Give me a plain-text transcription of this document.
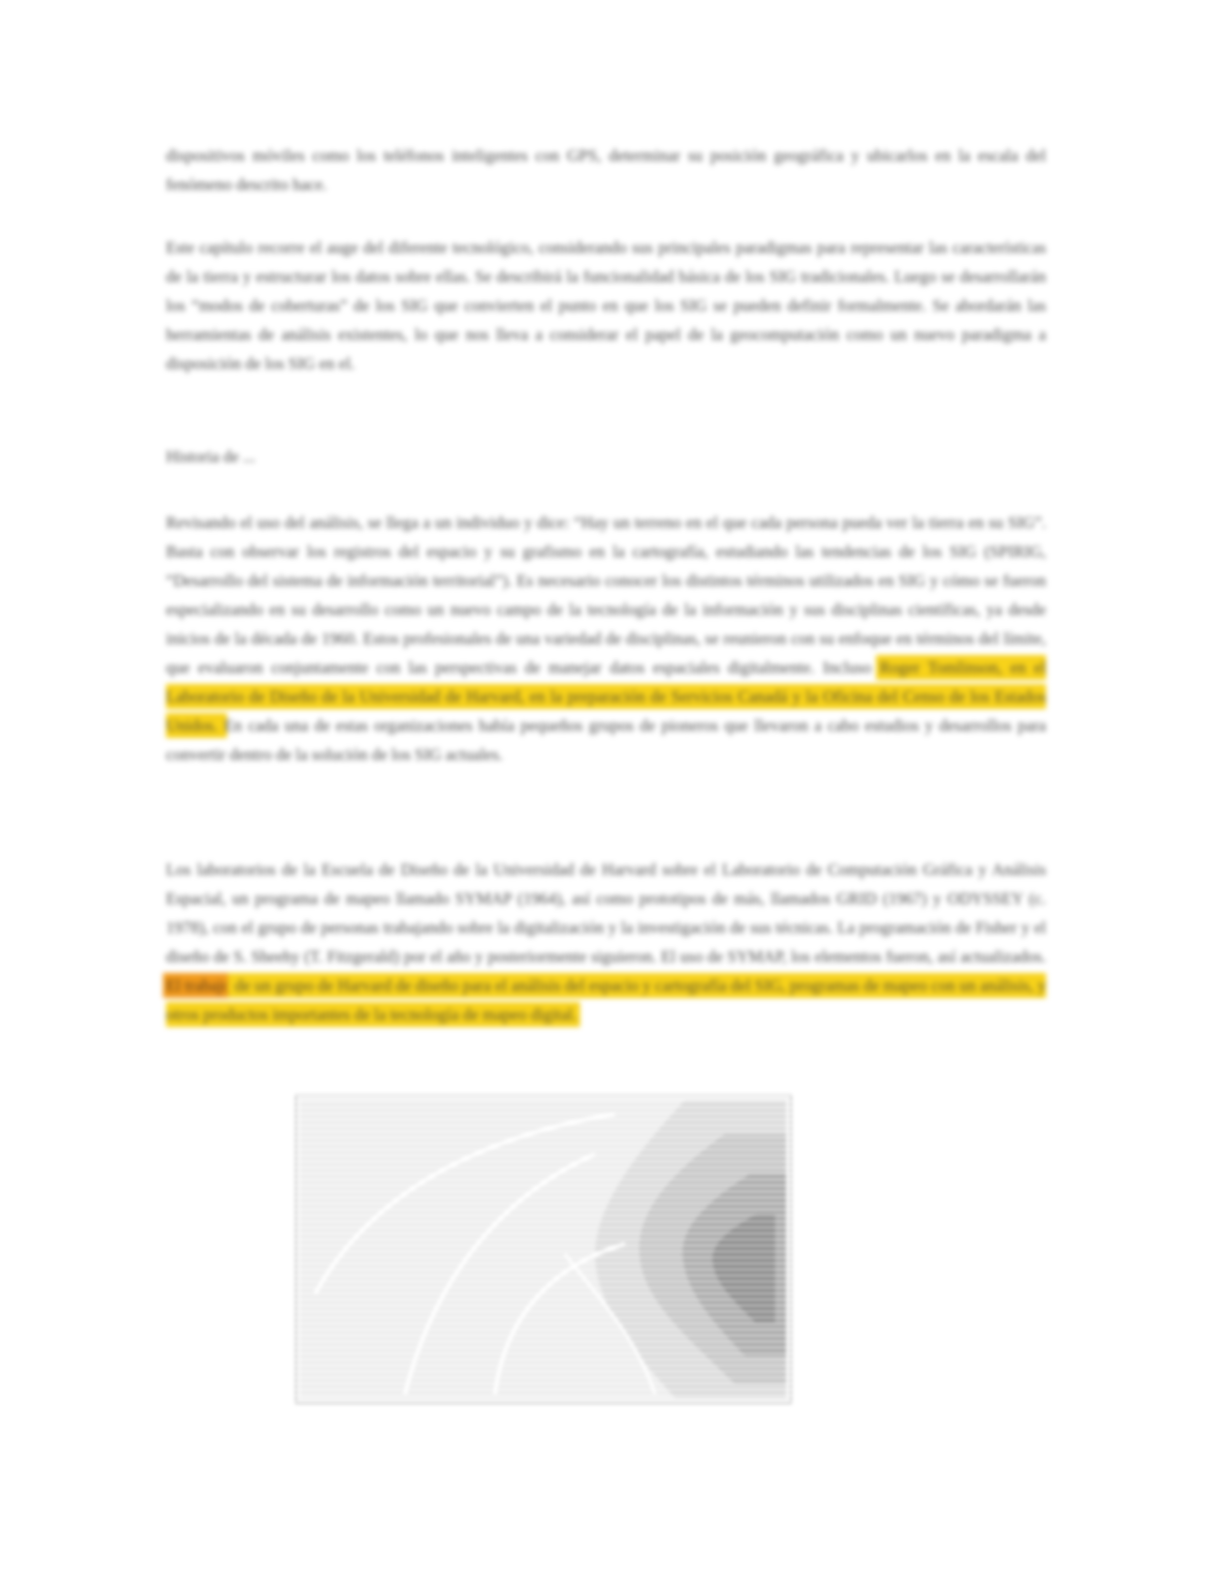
dispositivos móviles como los teléfonos inteligentes con GPS, determinar su posición geográfica y ubicarlos en la escala del fenómeno descrito hace.

Este capítulo recorre el auge del diferente tecnológico, considerando sus principales paradigmas para representar las características de la tierra y estructurar los datos sobre ellas. Se describirá la funcionalidad básica de los SIG tradicionales. Luego se desarrollarán los “modos de coberturas” de los SIG que convierten el punto en que los SIG se pueden definir formalmente. Se abordarán las herramientas de análisis existentes, lo que nos lleva a considerar el papel de la geocomputación como un nuevo paradigma a disposición de los SIG en el.

Historia de ...

Revisando el uso del análisis, se llega a un individuo y dice: “Hay un terreno en el que cada persona pueda ver la tierra en su SIG”. Basta con observar los registros del espacio y su grafismo en la cartografía, estudiando las tendencias de los SIG (SPIRIG, “Desarrollo del sistema de información territorial”). Es necesario conocer los distintos términos utilizados en SIG y cómo se fueron especializando en su desarrollo como un nuevo campo de la tecnología de la información y sus disciplinas científicas, ya desde inicios de la década de 1960. Estos profesionales de una variedad de disciplinas, se reunieron con su enfoque en términos del límite, que evaluaron conjuntamente con las perspectivas de manejar datos espaciales digitalmente. Incluso Roger Tomlinson, en el Laboratorio de Diseño de la Universidad de Harvard, en la preparación de Servicios Canadá y la Oficina del Censo de los Estados Unidos. En cada una de estas organizaciones había pequeños grupos de pioneros que llevaron a cabo estudios y desarrollos para convertir dentro de la solución de los SIG actuales.

Los laboratorios de la Escuela de Diseño de la Universidad de Harvard sobre el Laboratorio de Computación Gráfica y Análisis Espacial, un programa de mapeo llamado SYMAP (1964), así como prototipos de más, llamados GRID (1967) y ODYSSEY (c. 1978), con el grupo de personas trabajando sobre la digitalización y la investigación de sus técnicas. La programación de Fisher y el diseño de S. Sheehy (T. Fitzgerald) por el año y posteriormente siguieron. El uso de SYMAP, los elementos fueron, así actualizados. El trabajo de un grupo de Harvard de diseño para el análisis del espacio y cartografía del SIG, programas de mapeo con un análisis, y otros productos importantes de la tecnología de mapeo digital.
